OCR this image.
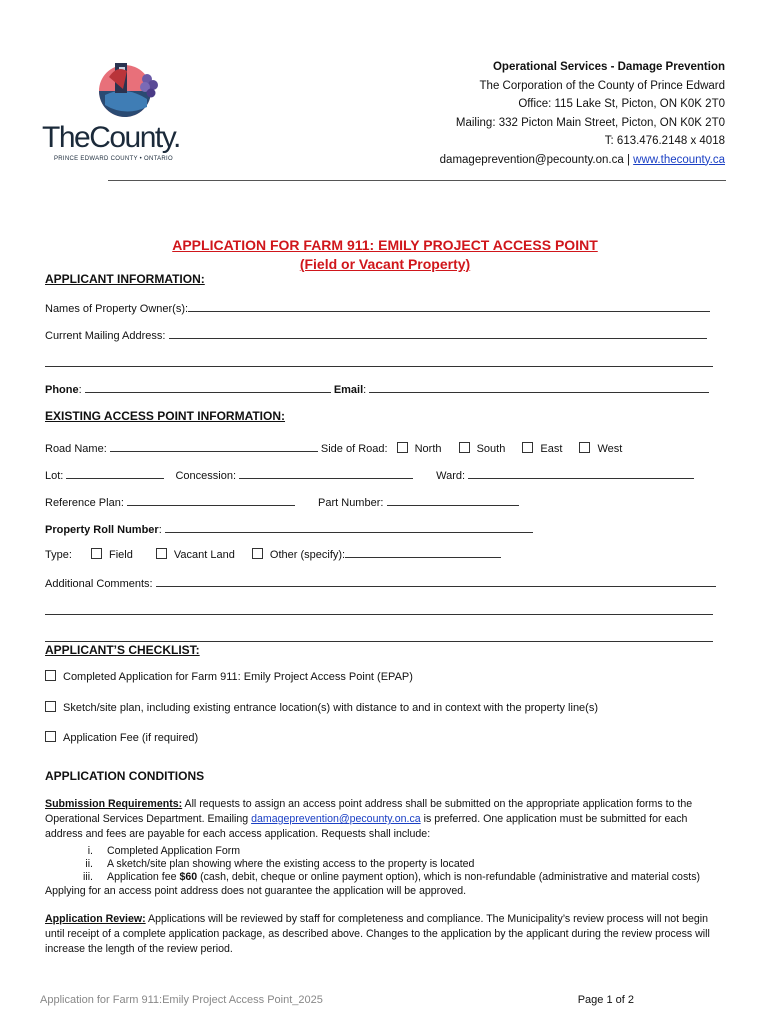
TheCounty.
PRINCE EDWARD COUNTY • ONTARIO
Operational Services - Damage Prevention
The Corporation of the County of Prince Edward
Office: 115 Lake St, Picton, ON K0K 2T0
Mailing: 332 Picton Main Street, Picton, ON K0K 2T0
T: 613.476.2148 x 4018
damageprevention@pecounty.on.ca | www.thecounty.ca
APPLICATION FOR FARM 911: EMILY PROJECT ACCESS POINT
(Field or Vacant Property)
APPLICANT INFORMATION:
Names of Property Owner(s):
Current Mailing Address:
Phone:	Email:
EXISTING ACCESS POINT INFORMATION:
Road Name:	Side of Road: North	South	East	West
Lot:	Concession:	Ward:
Reference Plan:	Part Number:
Property Roll Number:
Type:	Field	Vacant Land	Other (specify):
Additional Comments:
APPLICANT’S CHECKLIST:
Completed Application for Farm 911: Emily Project Access Point (EPAP)
Sketch/site plan, including existing entrance location(s) with distance to and in context with the property line(s)
Application Fee (if required)
APPLICATION CONDITIONS
Submission Requirements: All requests to assign an access point address shall be submitted on the appropriate application forms to the Operational Services Department. Emailing damageprevention@pecounty.on.ca is preferred. One application must be submitted for each address and fees are payable for each access application. Requests shall include:
i. Completed Application Form
ii. A sketch/site plan showing where the existing access to the property is located
iii. Application fee $60 (cash, debit, cheque or online payment option), which is non-refundable (administrative and material costs)
Applying for an access point address does not guarantee the application will be approved.
Application Review: Applications will be reviewed by staff for completeness and compliance. The Municipality’s review process will not begin until receipt of a complete application package, as described above. Changes to the application by the applicant during the review process will increase the length of the review period.
Application for Farm 911:Emily Project Access Point_2025	Page 1 of 2
